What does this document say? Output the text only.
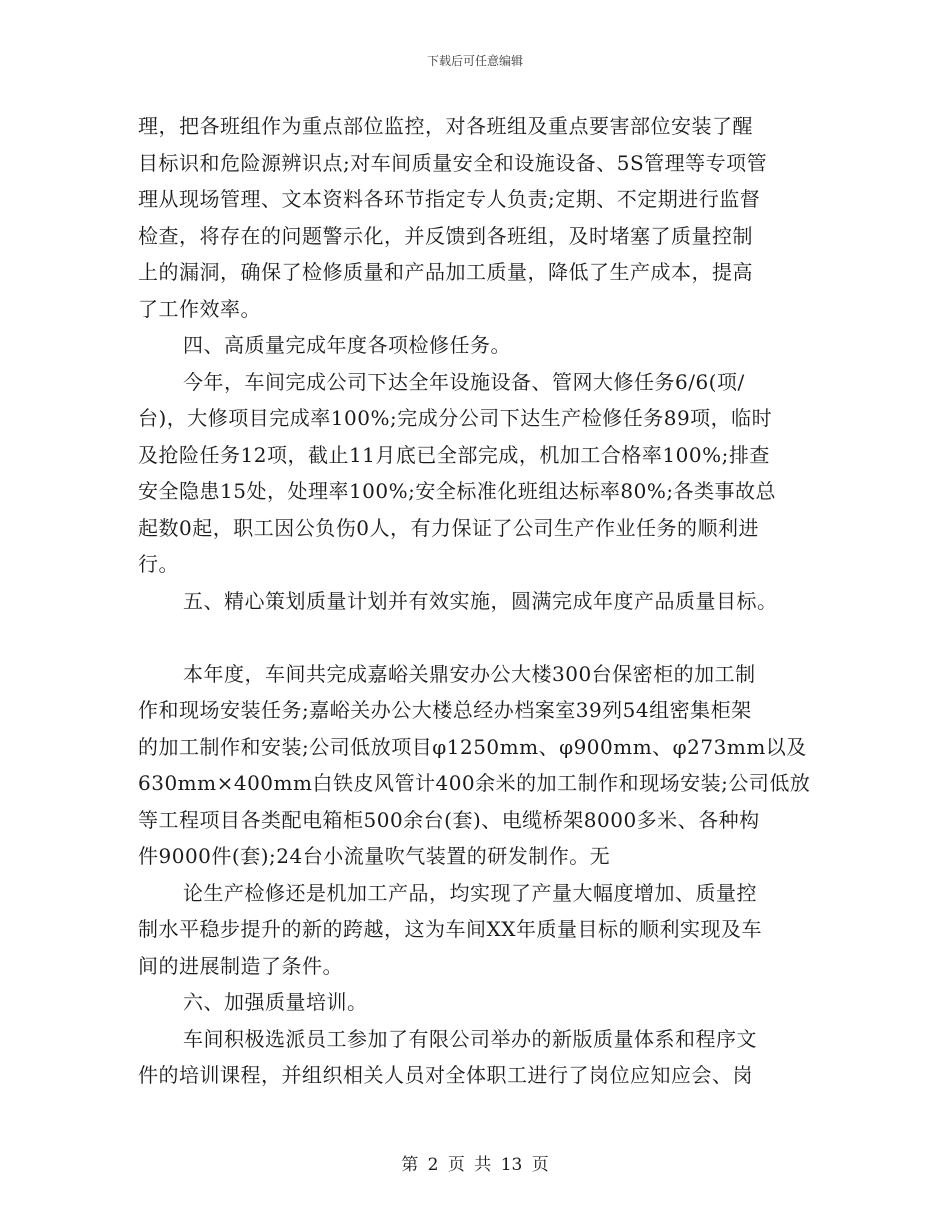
下载后可任意编辑

理，把各班组作为重点部位监控，对各班组及重点要害部位安装了醒

目标识和危险源辨识点;对车间质量安全和设施设备、5S管理等专项管

理从现场管理、文本资料各环节指定专人负责;定期、不定期进行监督

检查，将存在的问题警示化，并反馈到各班组，及时堵塞了质量控制

上的漏洞，确保了检修质量和产品加工质量，降低了生产成本，提高

了工作效率。

四、高质量完成年度各项检修任务。

今年，车间完成公司下达全年设施设备、管网大修任务6/6(项/

台)，大修项目完成率100%;完成分公司下达生产检修任务89项，临时

及抢险任务12项，截止11月底已全部完成，机加工合格率100%;排查

安全隐患15处，处理率100%;安全标准化班组达标率80%;各类事故总

起数0起，职工因公负伤0人，有力保证了公司生产作业任务的顺利进

行。

五、精心策划质量计划并有效实施，圆满完成年度产品质量目标。

本年度，车间共完成嘉峪关鼎安办公大楼300台保密柜的加工制

作和现场安装任务;嘉峪关办公大楼总经办档案室39列54组密集柜架

的加工制作和安装;公司低放项目φ1250mm、φ900mm、φ273mm以及

630mm×400mm白铁皮风管计400余米的加工制作和现场安装;公司低放

等工程项目各类配电箱柜500余台(套)、电缆桥架8000多米、各种构

件9000件(套);24台小流量吹气装置的研发制作。无

论生产检修还是机加工产品，均实现了产量大幅度增加、质量控

制水平稳步提升的新的跨越，这为车间XX年质量目标的顺利实现及车

间的进展制造了条件。

六、加强质量培训。

车间积极选派员工参加了有限公司举办的新版质量体系和程序文

件的培训课程，并组织相关人员对全体职工进行了岗位应知应会、岗

第 2 页 共 13 页
